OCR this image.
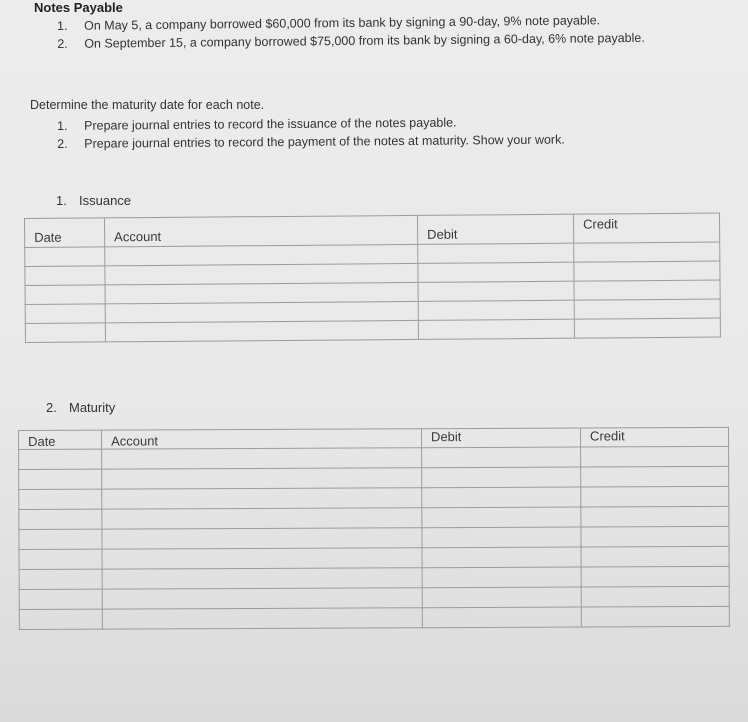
Notes Payable
1. On May 5, a company borrowed $60,000 from its bank by signing a 90-day, 9% note payable.
2. On September 15, a company borrowed $75,000 from its bank by signing a 60-day, 6% note payable.
Determine the maturity date for each note.
1. Prepare journal entries to record the issuance of the notes payable.
2. Prepare journal entries to record the payment of the notes at maturity. Show your work.
1. Issuance
Date	Account	Debit	Credit

2. Maturity
Date	Account	Debit	Credit
